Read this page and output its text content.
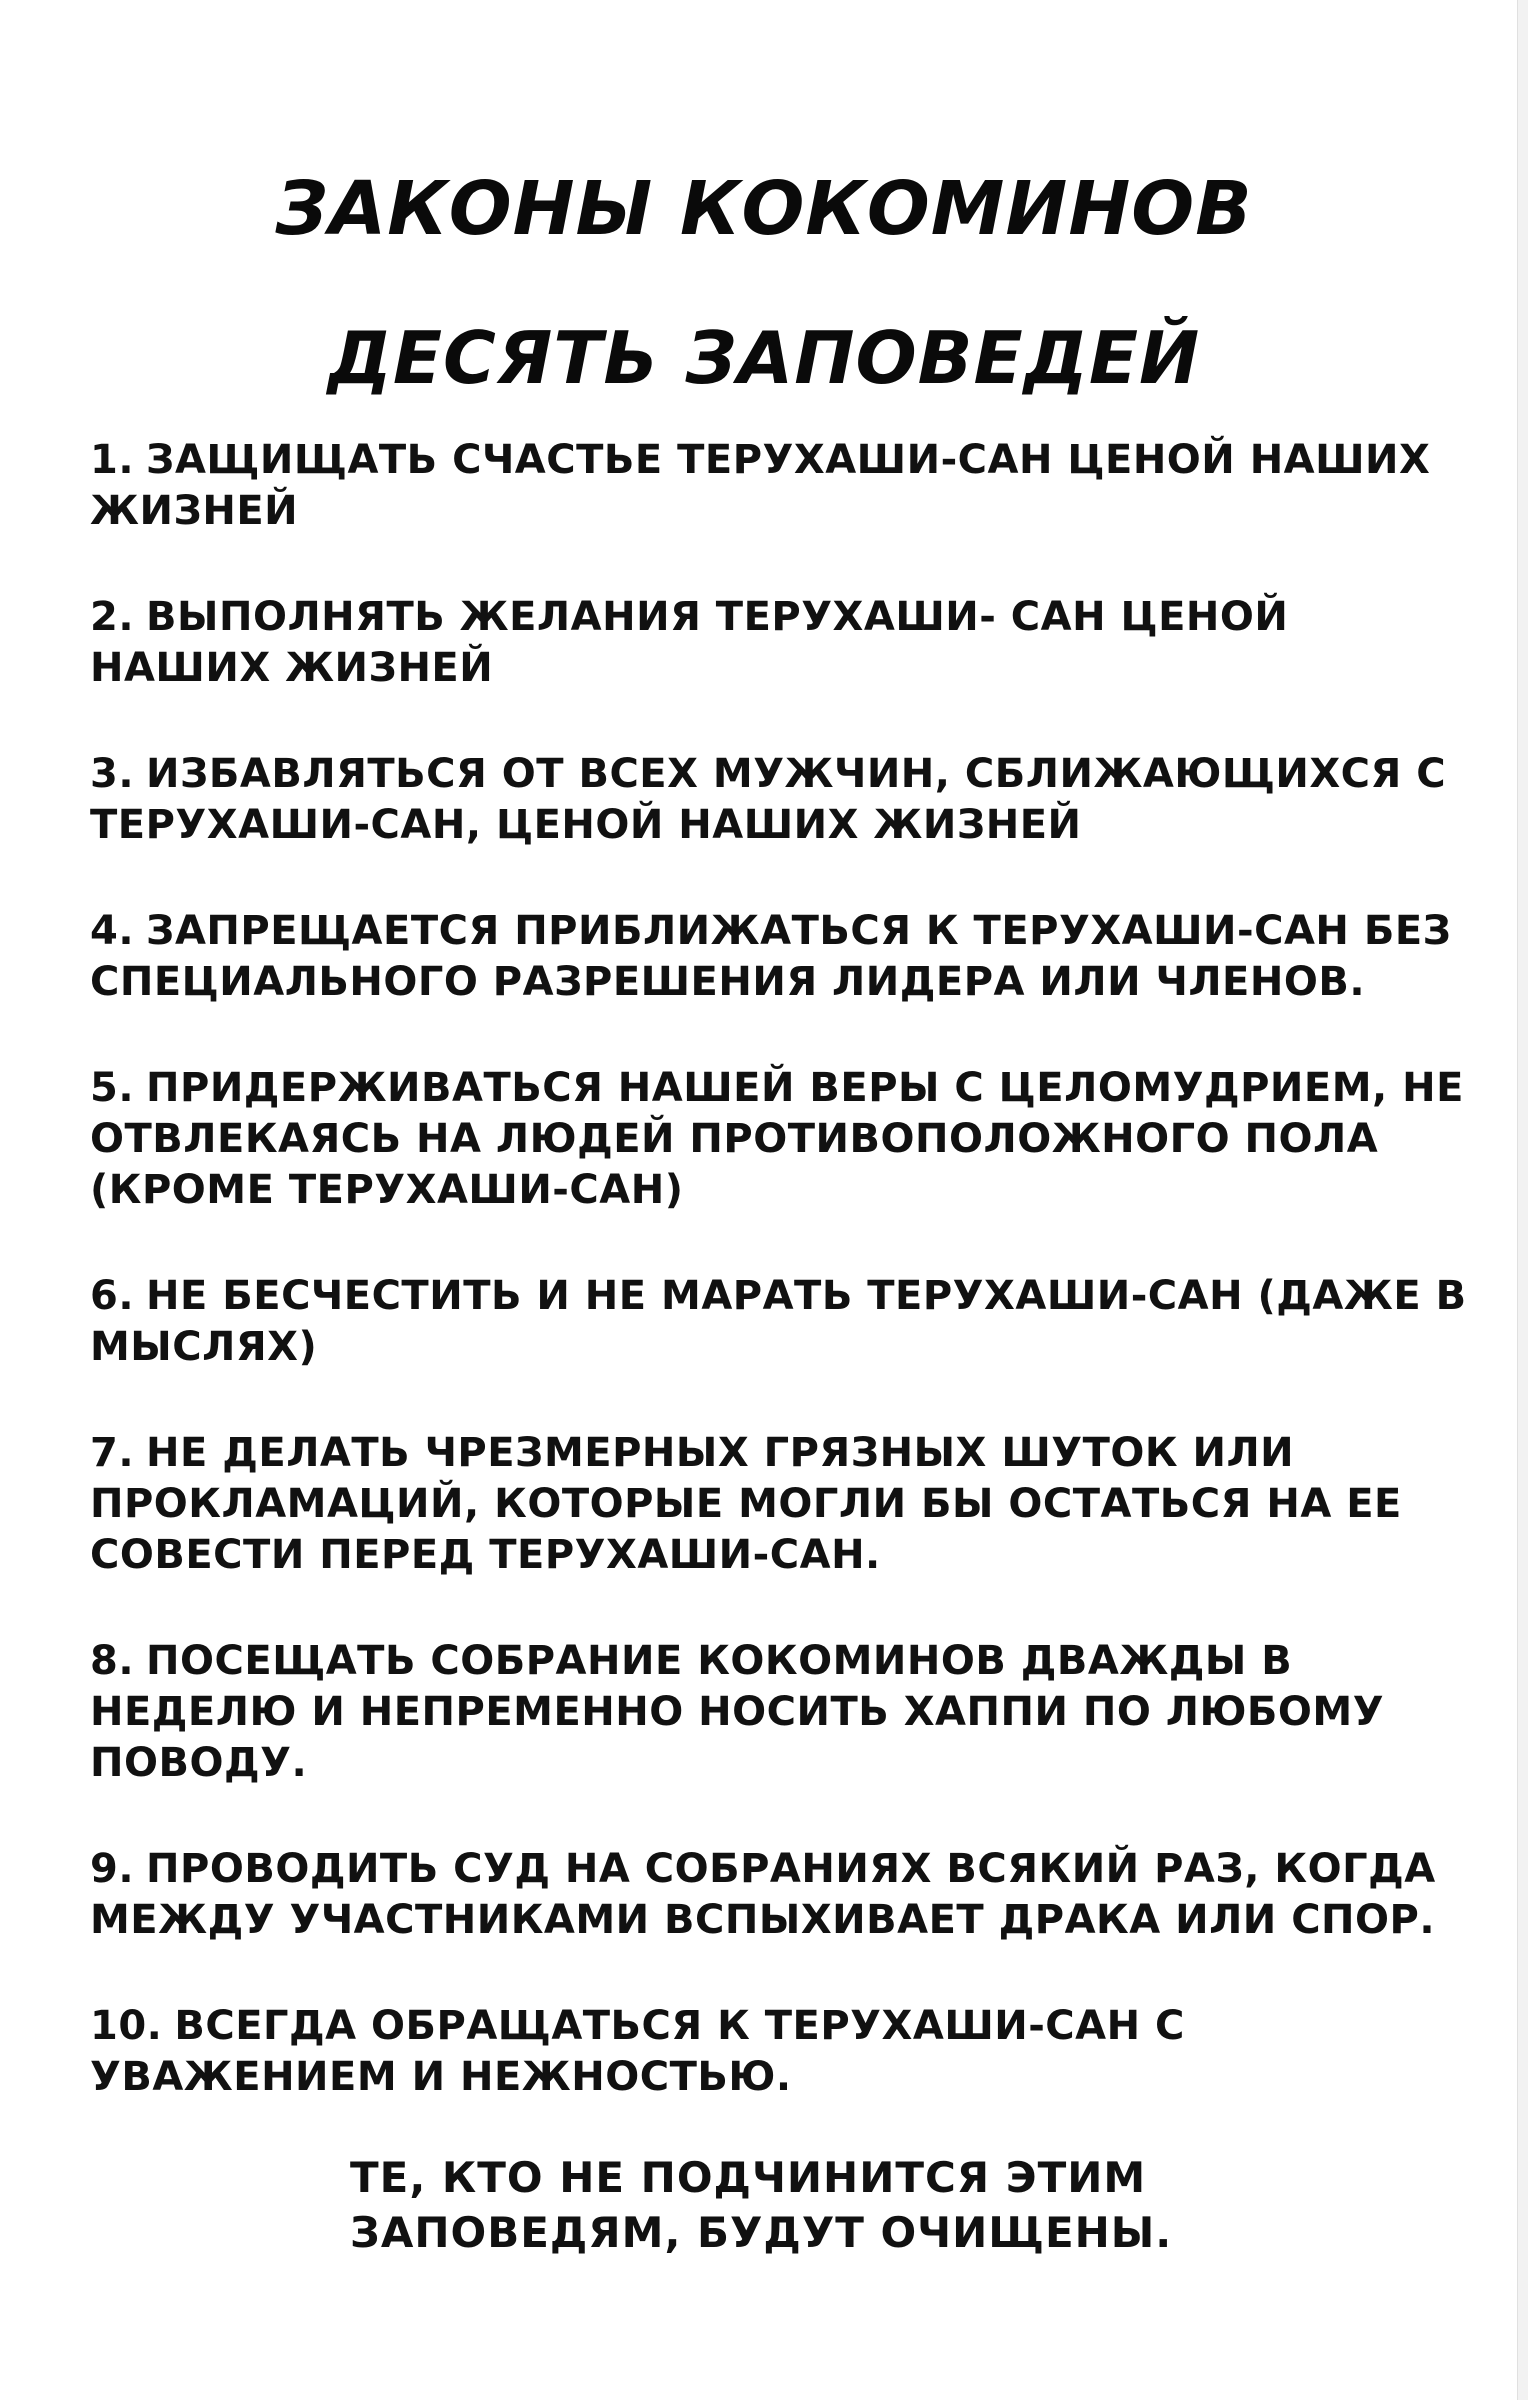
ЗАКОНЫ КОКОМИНОВ
ДЕСЯТЬ ЗАПОВЕДЕЙ
1. ЗАЩИЩАТЬ СЧАСТЬЕ ТЕРУХАШИ-САН ЦЕНОЙ НАШИХ ЖИЗНЕЙ
2. ВЫПОЛНЯТЬ ЖЕЛАНИЯ ТЕРУХАШИ- САН ЦЕНОЙ НАШИХ ЖИЗНЕЙ
3. ИЗБАВЛЯТЬСЯ ОТ ВСЕХ МУЖЧИН, СБЛИЖАЮЩИХСЯ С ТЕРУХАШИ-САН, ЦЕНОЙ НАШИХ ЖИЗНЕЙ
4. ЗАПРЕЩАЕТСЯ ПРИБЛИЖАТЬСЯ К ТЕРУХАШИ-САН БЕЗ СПЕЦИАЛЬНОГО РАЗРЕШЕНИЯ ЛИДЕРА ИЛИ ЧЛЕНОВ.
5. ПРИДЕРЖИВАТЬСЯ НАШЕЙ ВЕРЫ С ЦЕЛОМУДРИЕМ, НЕ ОТВЛЕКАЯСЬ НА ЛЮДЕЙ ПРОТИВОПОЛОЖНОГО ПОЛА (КРОМЕ ТЕРУХАШИ-САН)
6. НЕ БЕСЧЕСТИТЬ И НЕ МАРАТЬ ТЕРУХАШИ-САН (ДАЖЕ В МЫСЛЯХ)
7. НЕ ДЕЛАТЬ ЧРЕЗМЕРНЫХ ГРЯЗНЫХ ШУТОК ИЛИ ПРОКЛАМАЦИЙ, КОТОРЫЕ МОГЛИ БЫ ОСТАТЬСЯ НА ЕЕ СОВЕСТИ ПЕРЕД ТЕРУХАШИ-САН.
8. ПОСЕЩАТЬ СОБРАНИЕ КОКОМИНОВ ДВАЖДЫ В НЕДЕЛЮ И НЕПРЕМЕННО НОСИТЬ ХАППИ ПО ЛЮБОМУ ПОВОДУ.
9. ПРОВОДИТЬ СУД НА СОБРАНИЯХ ВСЯКИЙ РАЗ, КОГДА МЕЖДУ УЧАСТНИКАМИ ВСПЫХИВАЕТ ДРАКА ИЛИ СПОР.
10. ВСЕГДА ОБРАЩАТЬСЯ К ТЕРУХАШИ-САН С УВАЖЕНИЕМ И НЕЖНОСТЬЮ.
ТЕ, КТО НЕ ПОДЧИНИТСЯ ЭТИМ
ЗАПОВЕДЯМ, БУДУТ ОЧИЩЕНЫ.
